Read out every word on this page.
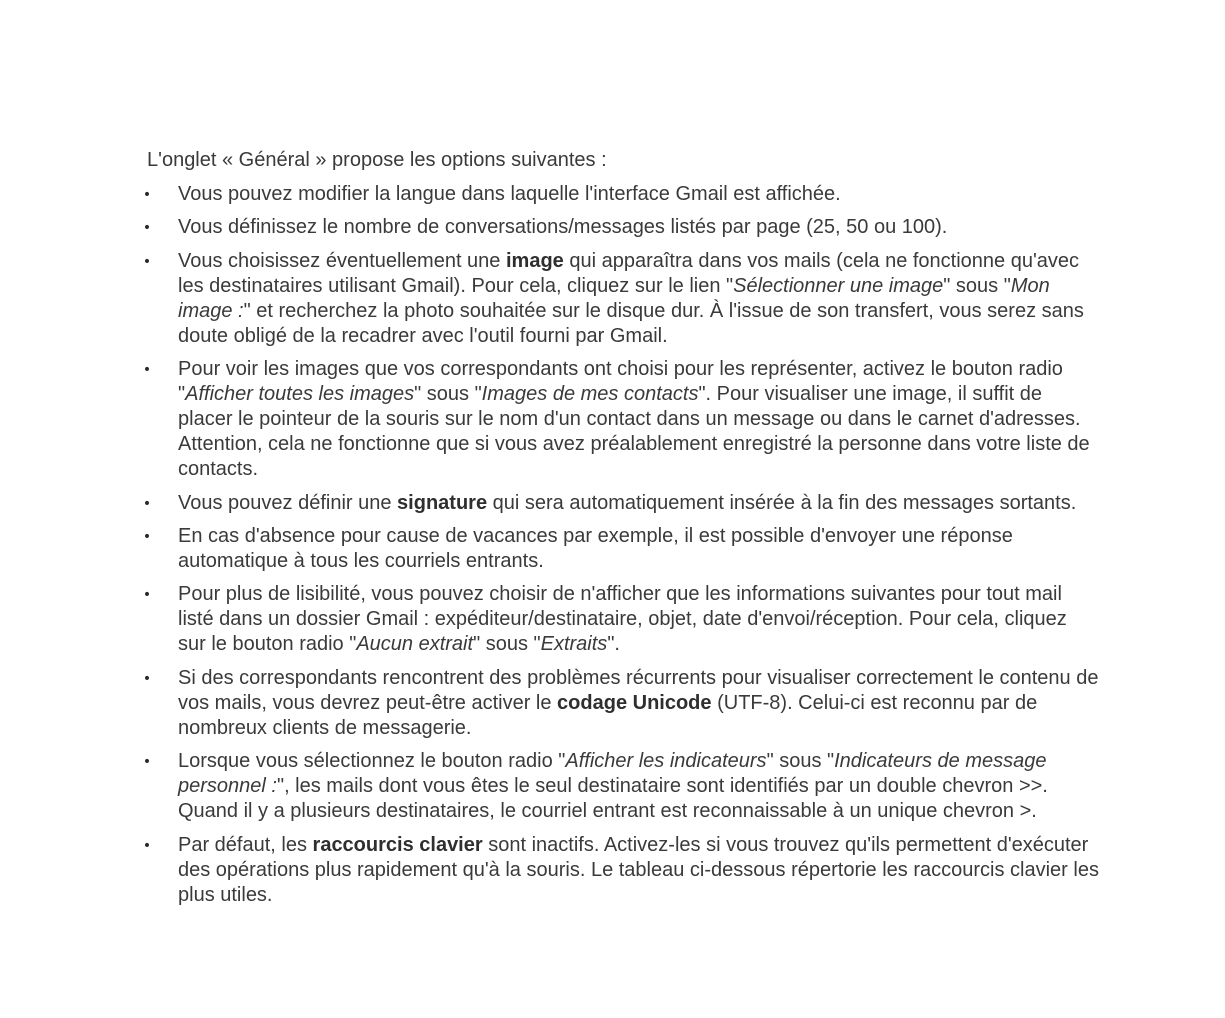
L'onglet « Général » propose les options suivantes :

•
Vous pouvez modifier la langue dans laquelle l'interface Gmail est affichée.
•
Vous définissez le nombre de conversations/messages listés par page (25, 50 ou 100).
•
Vous choisissez éventuellement une image qui apparaîtra dans vos mails (cela ne fonctionne qu'avec les destinataires utilisant Gmail). Pour cela, cliquez sur le lien "Sélectionner une image" sous "Mon image :" et recherchez la photo souhaitée sur le disque dur. À l'issue de son transfert, vous serez sans doute obligé de la recadrer avec l'outil fourni par Gmail.
•
Pour voir les images que vos correspondants ont choisi pour les représenter, activez le bouton radio "Afficher toutes les images" sous "Images de mes contacts". Pour visualiser une image, il suffit de placer le pointeur de la souris sur le nom d'un contact dans un message ou dans le carnet d'adresses. Attention, cela ne fonctionne que si vous avez préalablement enregistré la personne dans votre liste de contacts.
•
Vous pouvez définir une signature qui sera automatiquement insérée à la fin des messages sortants.
•
En cas d'absence pour cause de vacances par exemple, il est possible d'envoyer une réponse automatique à tous les courriels entrants.
•
Pour plus de lisibilité, vous pouvez choisir de n'afficher que les informations suivantes pour tout mail listé dans un dossier Gmail : expéditeur/destinataire, objet, date d'envoi/réception. Pour cela, cliquez sur le bouton radio "Aucun extrait" sous "Extraits".
•
Si des correspondants rencontrent des problèmes récurrents pour visualiser correctement le contenu de vos mails, vous devrez peut-être activer le codage Unicode (UTF-8). Celui-ci est reconnu par de nombreux clients de messagerie.
•
Lorsque vous sélectionnez le bouton radio "Afficher les indicateurs" sous "Indicateurs de message personnel :", les mails dont vous êtes le seul destinataire sont identifiés par un double chevron >>. Quand il y a plusieurs destinataires, le courriel entrant est reconnaissable à un unique chevron >.
•
Par défaut, les raccourcis clavier sont inactifs. Activez-les si vous trouvez qu'ils permettent d'exécuter des opérations plus rapidement qu'à la souris. Le tableau ci-dessous répertorie les raccourcis clavier les plus utiles.
